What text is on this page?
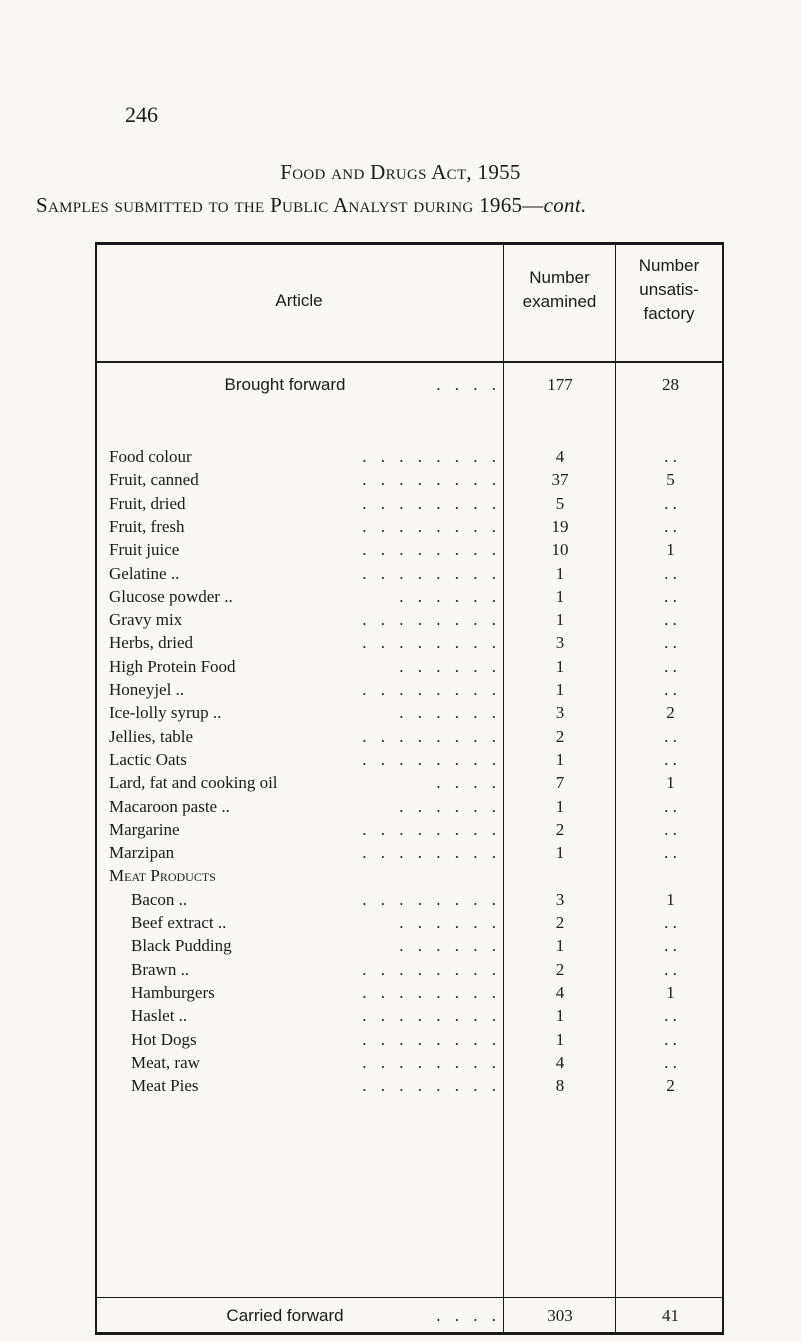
246
Food and Drugs Act, 1955
Samples submitted to the Public Analyst during 1965—cont.
Article
Number
examined
Number
unsatis-
factory
Brought forward	. . . .	177	28
Food colour	. . . . . . . .	4	. .
Fruit, canned	. . . . . . . .	37	5
Fruit, dried	. . . . . . . .	5	. .
Fruit, fresh	. . . . . . . .	19	. .
Fruit juice	. . . . . . . .	10	1
Gelatine ..	. . . . . . . .	1	. .
Glucose powder ..	. . . . . .	1	. .
Gravy mix	. . . . . . . .	1	. .
Herbs, dried	. . . . . . . .	3	. .
High Protein Food	. . . . . .	1	. .
Honeyjel ..	. . . . . . . .	1	. .
Ice-lolly syrup ..	. . . . . .	3	2
Jellies, table	. . . . . . . .	2	. .
Lactic Oats	. . . . . . . .	1	. .
Lard, fat and cooking oil	. . . .	7	1
Macaroon paste ..	. . . . . .	1	. .
Margarine	. . . . . . . .	2	. .
Marzipan	. . . . . . . .	1	. .
Meat Products
Bacon ..	. . . . . . . .	3	1
Beef extract ..	. . . . . .	2	. .
Black Pudding	. . . . . .	1	. .
Brawn ..	. . . . . . . .	2	. .
Hamburgers	. . . . . . . .	4	1
Haslet ..	. . . . . . . .	1	. .
Hot Dogs	. . . . . . . .	1	. .
Meat, raw	. . . . . . . .	4	. .
Meat Pies	. . . . . . . .	8	2
Carried forward	. . . .	303	41
